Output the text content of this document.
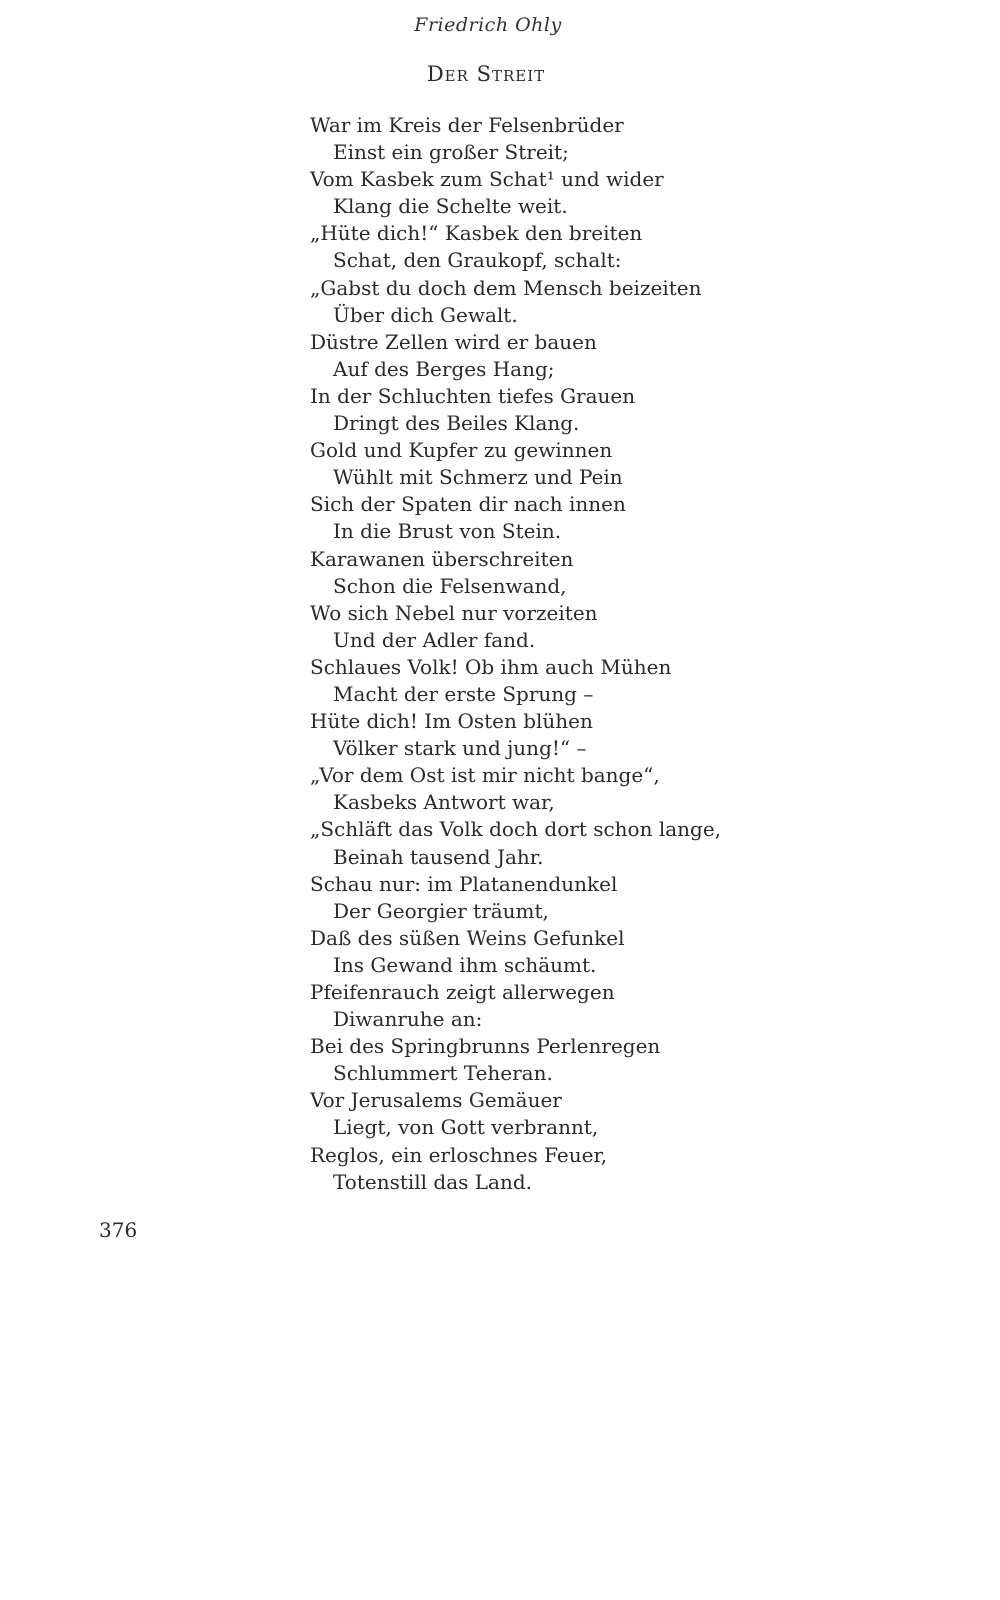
Friedrich Ohly
Der Streit
War im Kreis der Felsenbrüder
Einst ein großer Streit;
Vom Kasbek zum Schat¹ und wider
Klang die Schelte weit.
„Hüte dich!“ Kasbek den breiten
Schat, den Graukopf, schalt:
„Gabst du doch dem Mensch beizeiten
Über dich Gewalt.
Düstre Zellen wird er bauen
Auf des Berges Hang;
In der Schluchten tiefes Grauen
Dringt des Beiles Klang.
Gold und Kupfer zu gewinnen
Wühlt mit Schmerz und Pein
Sich der Spaten dir nach innen
In die Brust von Stein.
Karawanen überschreiten
Schon die Felsenwand,
Wo sich Nebel nur vorzeiten
Und der Adler fand.
Schlaues Volk! Ob ihm auch Mühen
Macht der erste Sprung –
Hüte dich! Im Osten blühen
Völker stark und jung!“ –
„Vor dem Ost ist mir nicht bange“,
Kasbeks Antwort war,
„Schläft das Volk doch dort schon lange,
Beinah tausend Jahr.
Schau nur: im Platanendunkel
Der Georgier träumt,
Daß des süßen Weins Gefunkel
Ins Gewand ihm schäumt.
Pfeifenrauch zeigt allerwegen
Diwanruhe an:
Bei des Springbrunns Perlenregen
Schlummert Teheran.
Vor Jerusalems Gemäuer
Liegt, von Gott verbrannt,
Reglos, ein erloschnes Feuer,
Totenstill das Land.
376
